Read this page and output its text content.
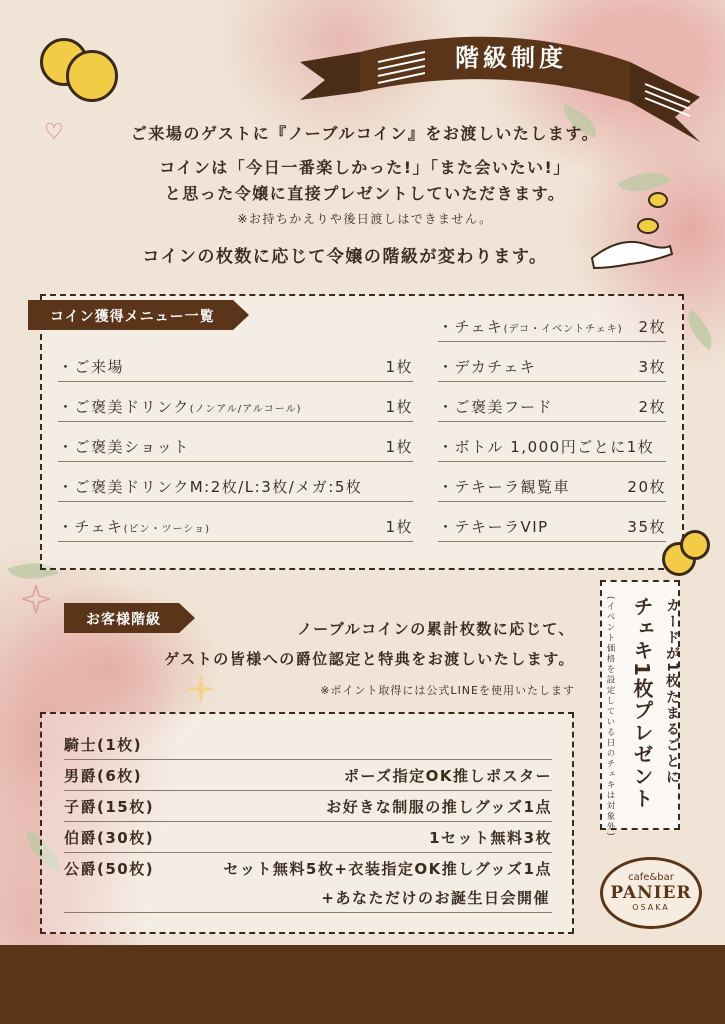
階級制度
♡	ご来場のゲストに『ノーブルコイン』をお渡しいたします。
コインは「今日一番楽しかった!」「また会いたい!」
と思った令嬢に直接プレゼントしていただきます。
※お持ちかえりや後日渡しはできません。
コインの枚数に応じて令嬢の階級が変わります。
コイン獲得メニュー一覧
・ご来場	1枚
・ご褒美ドリンク(ノンアル/アルコール)	1枚
・ご褒美ショット	1枚
・ご褒美ドリンクM:2枚/L:3枚/メガ:5枚
・チェキ(ピン・ツーショ)	1枚
・チェキ(デコ・イベントチェキ) 2枚
・デカチェキ	3枚
・ご褒美フード	2枚
・ボトル 1,000円ごとに1枚
・テキーラ観覧車	20枚
・テキーラVIP	35枚
お客様階級	ノーブルコインの累計枚数に応じて、
ゲストの皆様への爵位認定と特典をお渡しいたします。
※ポイント取得には公式LINEを使用いたします
騎士(1枚)
男爵(6枚)	ポーズ指定OK推しポスター
子爵(15枚)	お好きな制服の推しグッズ1点
伯爵(30枚)	1セット無料3枚
公爵(50枚)	セット無料5枚+衣装指定OK推しグッズ1点
+あなただけのお誕生日会開催
カードが1枚たまるごとに
チェキ1枚プレゼント
(イベント価格を設定している日のチェキは対象外)
cafe&bar
PANIER
OSAKA
